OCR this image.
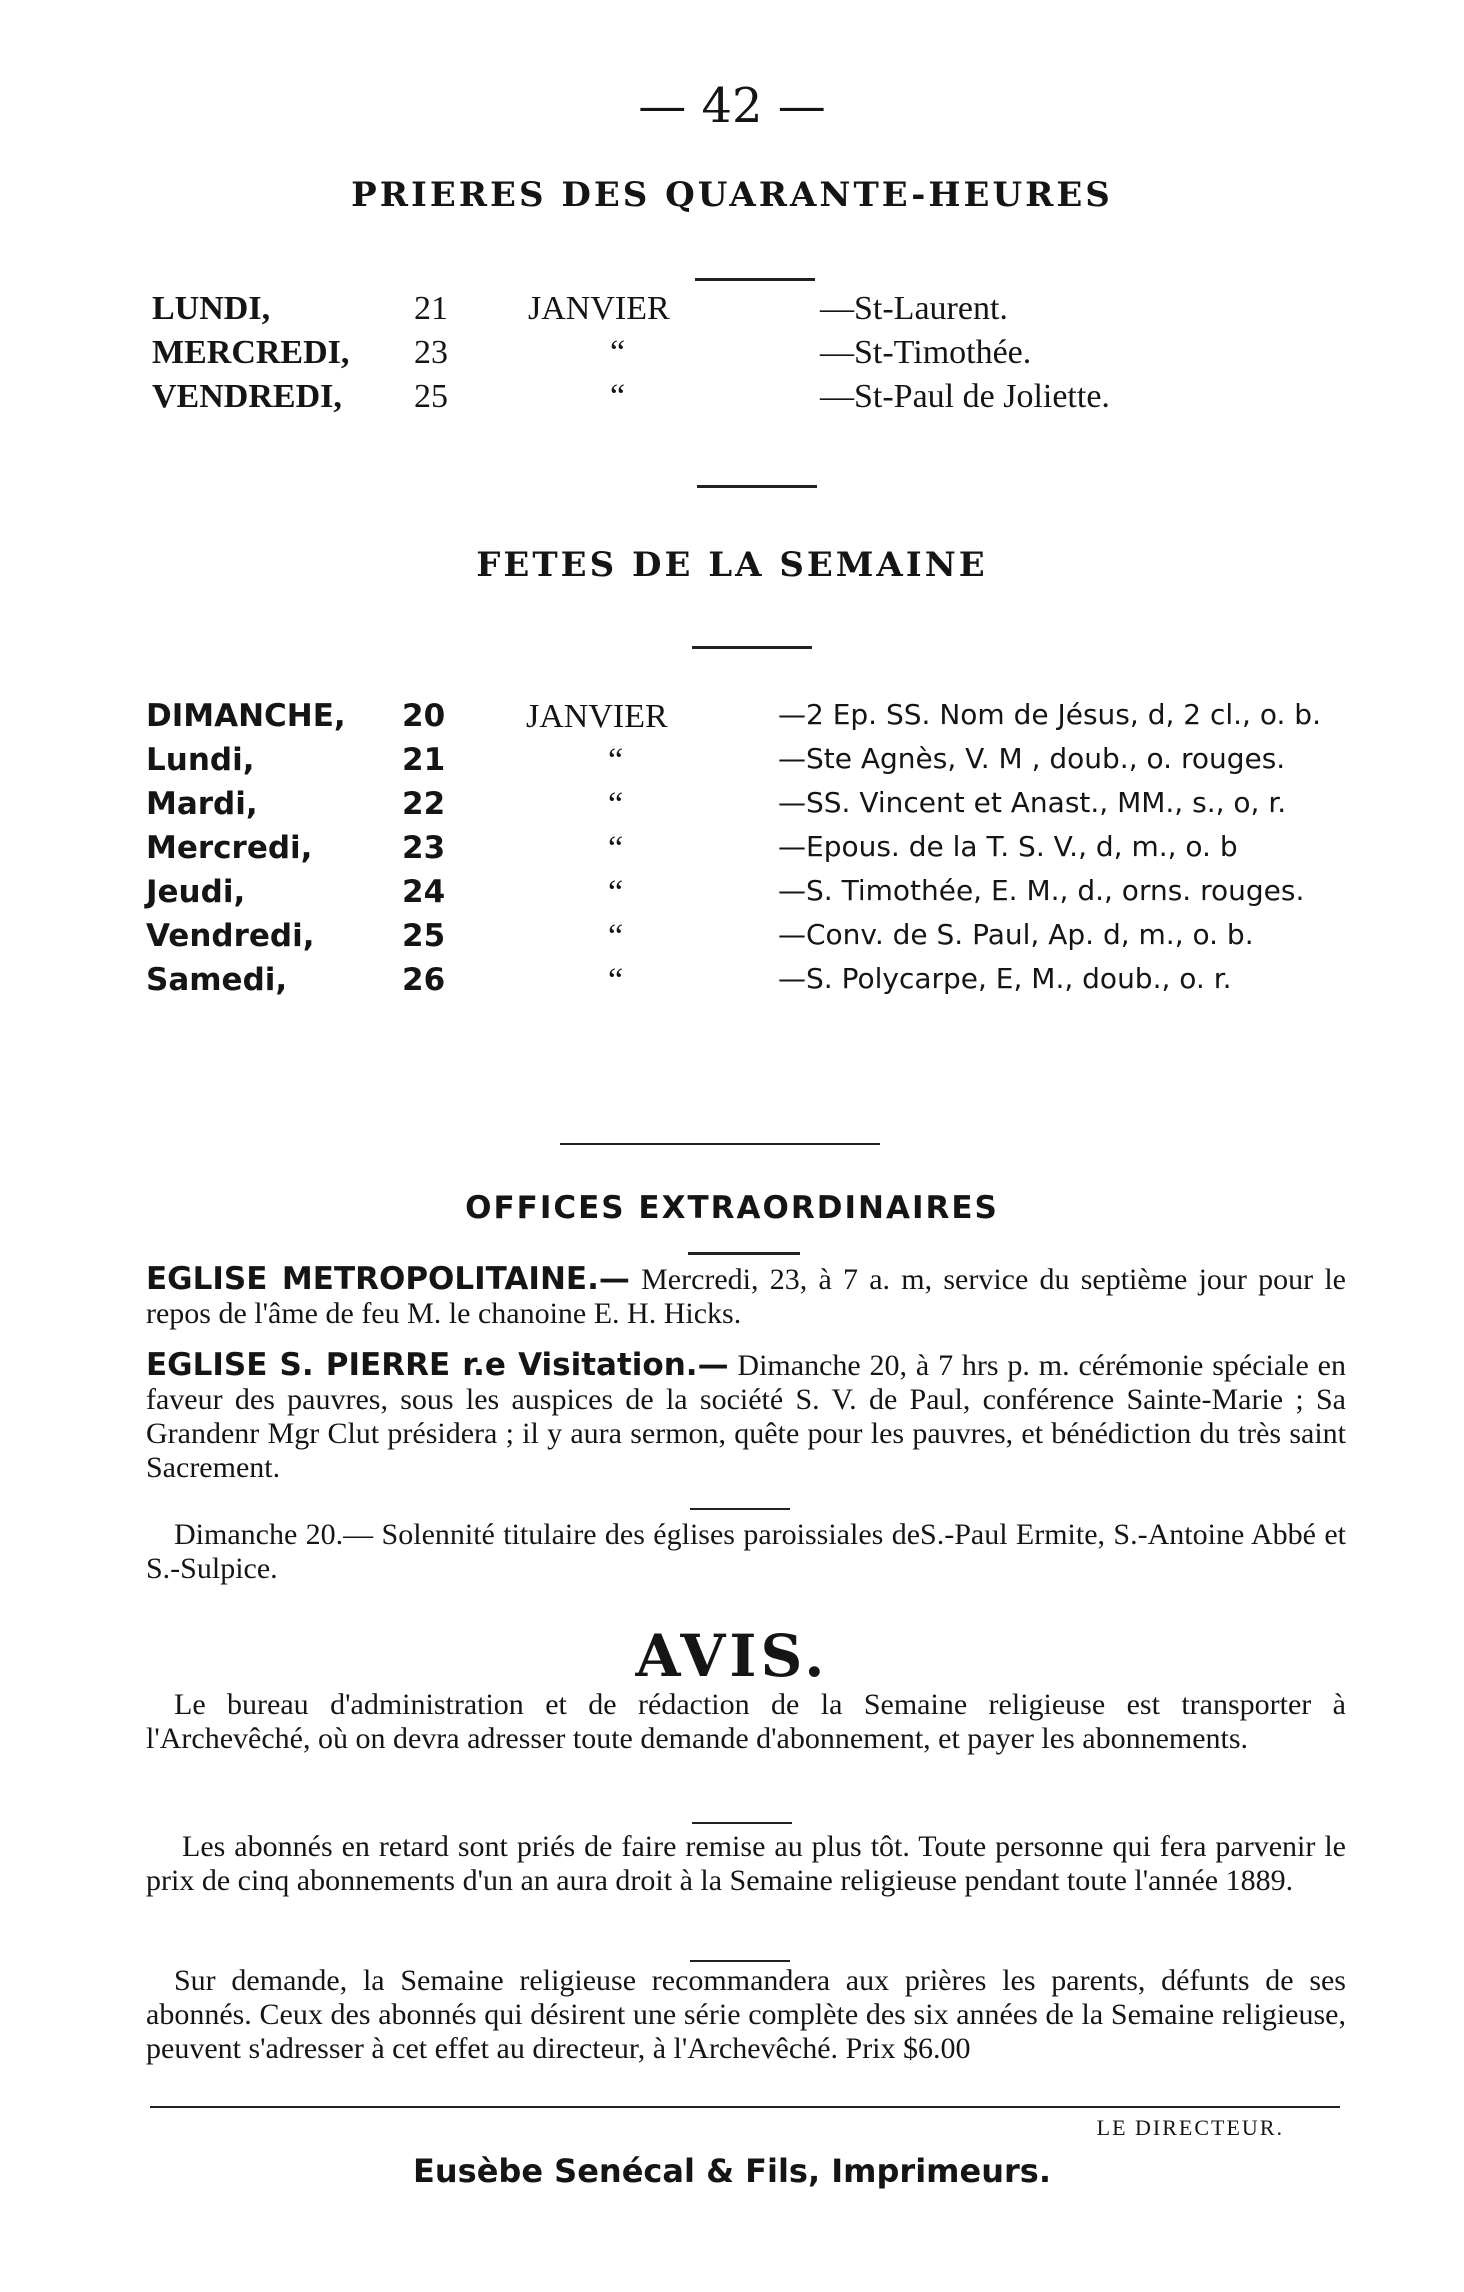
— 42 —
PRIERES DES QUARANTE-HEURES
LUNDI,	21 JANVIER	—St-Laurent.
MERCREDI, 23	“	—St-Timothée.
VENDREDI, 25	“	—St-Paul de Joliette.
FETES DE LA SEMAINE
DIMANCHE, 20 JANVIER	—2 Ep. SS. Nom de Jésus, d, 2 cl., o. b.
Lundi,	21	“	—Ste Agnès, V. M , doub., o. rouges.
Mardi,	22	“	—SS. Vincent et Anast., MM., s., o, r.
Mercredi,	23	“	—Epous. de la T. S. V., d, m., o. b
Jeudi,	24	“	—S. Timothée, E. M., d., orns. rouges.
Vendredi,	25	“	—Conv. de S. Paul, Ap. d, m., o. b.
Samedi,	26	“	—S. Polycarpe, E, M., doub., o. r.
OFFICES EXTRAORDINAIRES
EGLISE METROPOLITAINE.— Mercredi, 23, à 7 a. m, service du septième jour pour le repos de l'âme de feu M. le chanoine E. H. Hicks.
EGLISE S. PIERRE r.e Visitation.— Dimanche 20, à 7 hrs p. m. cérémonie spéciale en faveur des pauvres, sous les auspices de la société S. V. de Paul, conférence Sainte-Marie ; Sa Grandenr Mgr Clut présidera ; il y aura sermon, quête pour les pauvres, et bénédiction du très saint Sacrement.
Dimanche 20.— Solennité titulaire des églises paroissiales deS.-Paul Ermite, S.-Antoine Abbé et S.-Sulpice.
AVIS.
Le bureau d'administration et de rédaction de la Semaine religieuse est transporter à l'Archevêché, où on devra adresser toute demande d'abonnement, et payer les abonnements.
Les abonnés en retard sont priés de faire remise au plus tôt. Toute personne qui fera parvenir le prix de cinq abonnements d'un an aura droit à la Semaine religieuse pendant toute l'année 1889.
Sur demande, la Semaine religieuse recommandera aux prières les parents, défunts de ses abonnés. Ceux des abonnés qui désirent une série complète des six années de la Semaine religieuse, peuvent s'adresser à cet effet au directeur, à l'Archevêché. Prix $6.00
LE DIRECTEUR.
Eusèbe Senécal & Fils, Imprimeurs.
